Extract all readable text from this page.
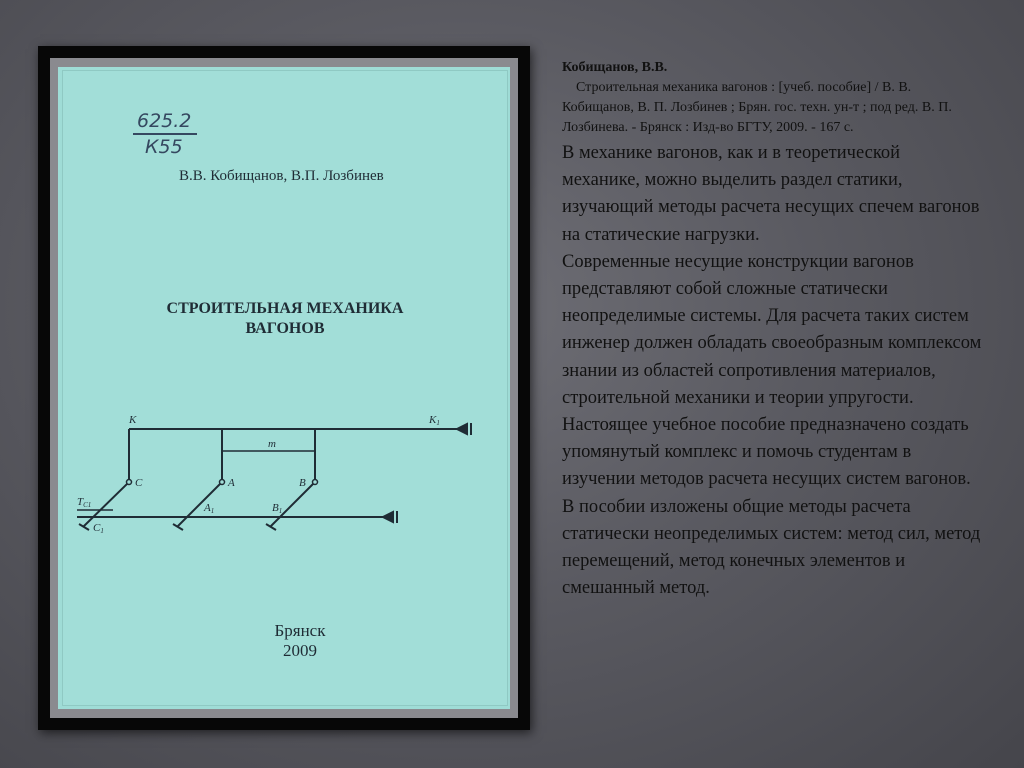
625.2
К55
В.В. Кобищанов, В.П. Лозбинев
СТРОИТЕЛЬНАЯ МЕХАНИКА
ВАГОНОВ
K	K1
m
C	A	B
A1	B1
TC1
C1
Брянск
2009
Кобищанов, В.В.
Строительная механика вагонов : [учеб. пособие] / В. В. Кобищанов, В. П. Лозбинев ; Брян. гос. техн. ун-т ; под ред. В. П. Лозбинева. - Брянск : Изд-во БГТУ, 2009. - 167 с.

В механике вагонов, как и в теоретической механике, можно выделить раздел статики, изучающий методы расчета несущих спечем вагонов на статические нагрузки.

Современные несущие конструкции вагонов представляют собой сложные статически неопределимые системы. Для расчета таких систем инженер должен обладать своеобразным комплексом знании из областей сопротивления материалов, строительной механики и теории упругости. Настоящее учебное пособие предназначено создать упомянутый комплекс и помочь студентам в изучении методов расчета несущих систем вагонов. В пособии изложены общие методы расчета статически неопределимых систем: метод сил, метод перемещений, метод конечных элементов и смешанный метод.
